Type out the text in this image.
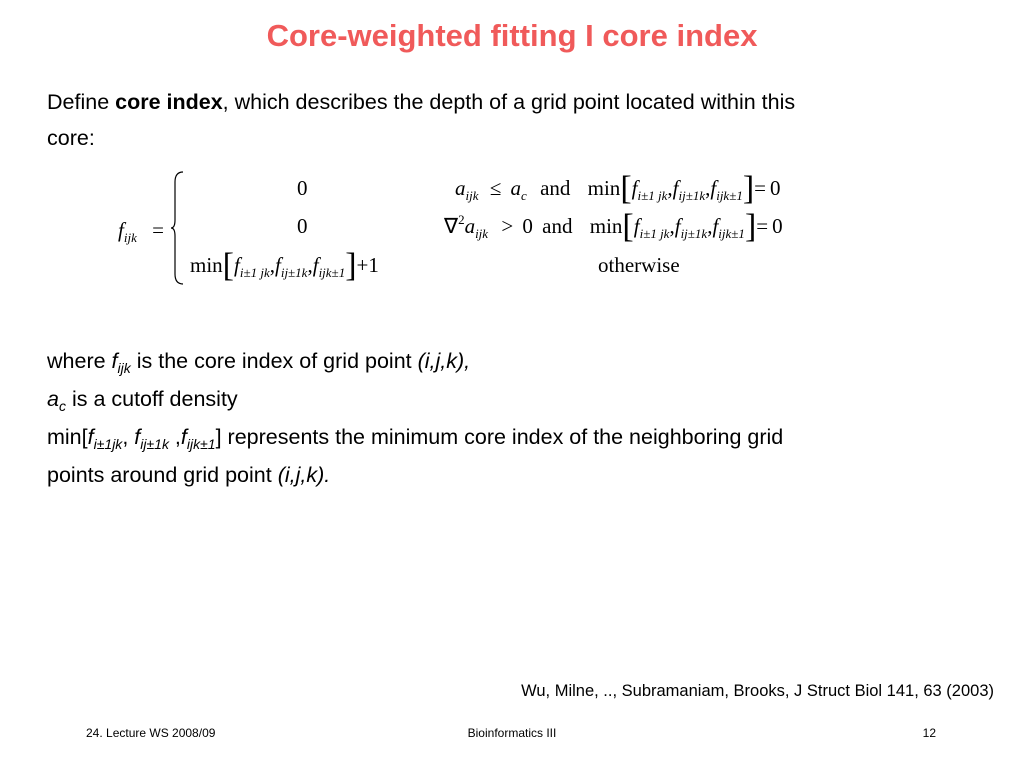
Core-weighted fitting I core index
Define core index, which describes the depth of a grid point located within this
core:
$f_{ijk}$ =
0	$a_{ijk} \le a_c$ and $\min[f_{i\pm 1 jk},f_{ij\pm 1k},f_{ijk\pm 1}]= 0$
0	$\nabla^2a_{ijk} > 0$ and $\min[f_{i\pm 1 jk},f_{ij\pm 1k},f_{ijk\pm 1}]= 0$
$\min[f_{i\pm 1 jk},f_{ij\pm 1k},f_{ijk\pm 1}]+1$	otherwise
where $f_{ijk}$ is the core index of grid point (i,j,k),
$a_c$ is a cutoff density
$\min[f_{i\pm 1jk}$, $f_{ij\pm 1k}$ $,f_{ijk\pm 1}$] represents the minimum core index of the neighboring grid
points around grid point (i,j,k).
Wu, Milne, .., Subramaniam, Brooks, J Struct Biol 141, 63 (2003)
24. Lecture WS 2008/09	Bioinformatics III	12
